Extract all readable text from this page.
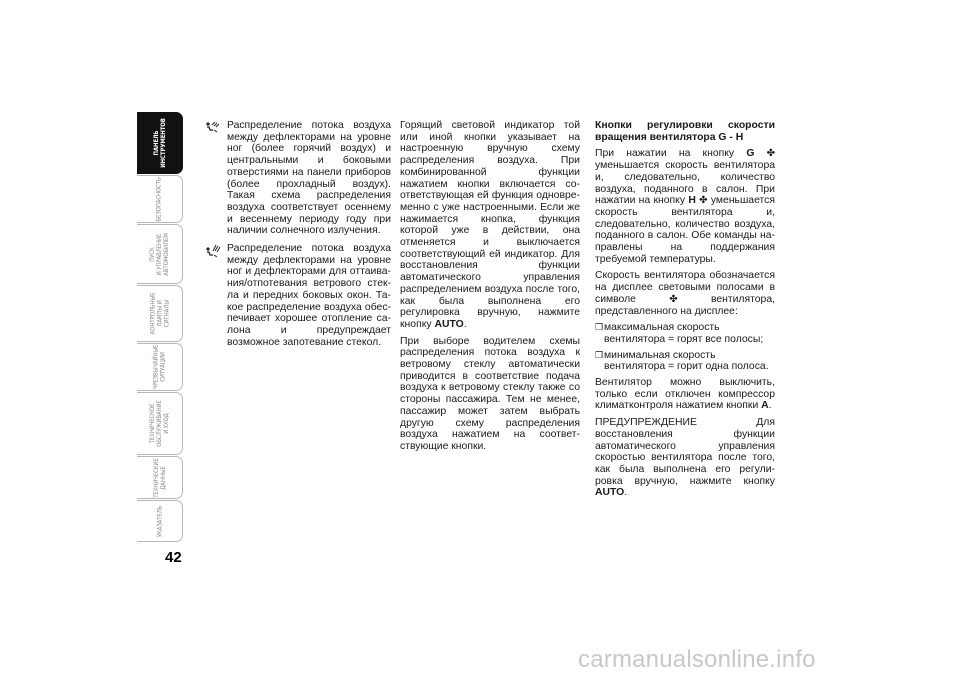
ПАНЕЛЬ
ИНСТРУМЕНТОВ
БЕЗОПАСНОСТЬ
ПУСК
И УПРАВЛЕНИЕ
АВТОМОБИЛЕМ
КОНТРОЛЬНЫЕ
ЛАМПЫ И
СИГНАЛЫ
ЧРЕЗВЫЧАЙНЫЕ
СИТУАЦИИ
ТЕХНИЧЕСКОЕ
ОБСЛУЖИВАНИЕ
И УХОД
ТЕХНИЧЕСКИЕ
ДАННЫЕ
УКАЗАТЕЛЬ
42
Распределение потока воздуха между дефлекторами на уровне ног (более горячий воздух) и центральными и боковыми отверстиями на панели приборов (более прохладный воздух). Такая схема распределения воздуха соответствует осеннему и весеннему периоду году при наличии солнечного излучения.
Распределение потока воздуха между дефлекторами на уровне ног и дефлекторами для оттаивания/отпотевания ветрового стекла и передних боковых окон. Такое распределение воздуха обеспечивает хорошее отопление салона и предупреждает возможное запотевание стекол.

Горящий световой индикатор той или иной кнопки указывает на настроенную вручную схему распределения воздуха. При комбинированной функции нажатием кнопки включается соответствующая ей функция одновременно с уже настроенными. Если же нажимается кнопка, функция которой уже в действии, она отменяется и выключается соответствующий ей индикатор. Для восстановления функции автоматического управления распределением воздуха после того, как была выполнена его регулировка вручную, нажмите кнопку AUTO.

При выборе водителем схемы распределения потока воздуха к ветровому стеклу автоматически приводится в соответствие подача воздуха к ветровому стеклу также со стороны пассажира. Тем не менее, пассажир может затем выбрать другую схему распределения воздуха нажатием на соответствующие кнопки.

Кнопки регулировки скорости вращения вентилятора G - H

При нажатии на кнопку G ✤ уменьшается скорость вентилятора и, следовательно, количество воздуха, поданного в салон. При нажатии на кнопку H ✤ уменьшается скорость вентилятора и, следовательно, количество воздуха, поданного в салон. Обе команды направлены на поддержания требуемой температуры.

Скорость вентилятора обозначается на дисплее световыми полосами в символе ✤ вентилятора, представленного на дисплее:

❒ максимальная скорость вентилятора = горят все полосы;
❒ минимальная скорость вентилятора = горит одна полоса.

Вентилятор можно выключить, только если отключен компрессор климатконтроля нажатием кнопки A.

ПРЕДУПРЕЖДЕНИЕ Для восстановления функции автоматического управления скоростью вентилятора после того, как была выполнена его регулировка вручную, нажмите кнопку AUTO.

carmanualsonline.info
